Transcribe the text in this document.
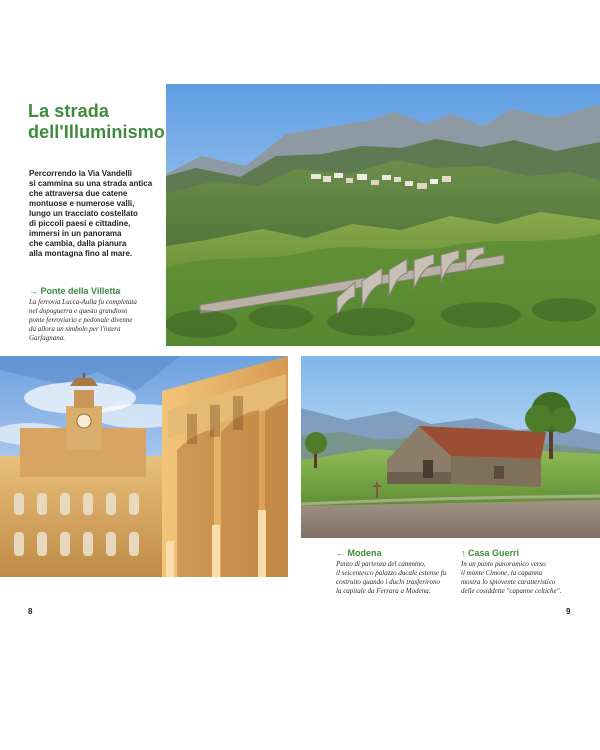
La strada dell'Illuminismo

Percorrendo la Via Vandelli
si cammina su una strada antica
che attraversa due catene
montuose e numerose valli,
lungo un tracciato costellato
di piccoli paesi e cittadine,
immersi in un panorama
che cambia, dalla pianura
alla montagna fino al mare.

→ Ponte della Villetta

La ferrovia Lucca-Aulla fu completata
nel dopoguerra e questo grandioso
ponte ferroviario e pedonale divenne
da allora un simbolo per l'intera
Garfagnana.

← Modena

Punto di partenza del cammino,
il seicentesco palazzo ducale estense fu
costruito quando i duchi trasferirono
la capitale da Ferrara a Modena.

↑ Casa Guerri

In un punto panoramico verso
il monte Cimone, la capanna
mostra lo spiovente caratteristico
delle cosiddette "capanne celtiche".

8	9
